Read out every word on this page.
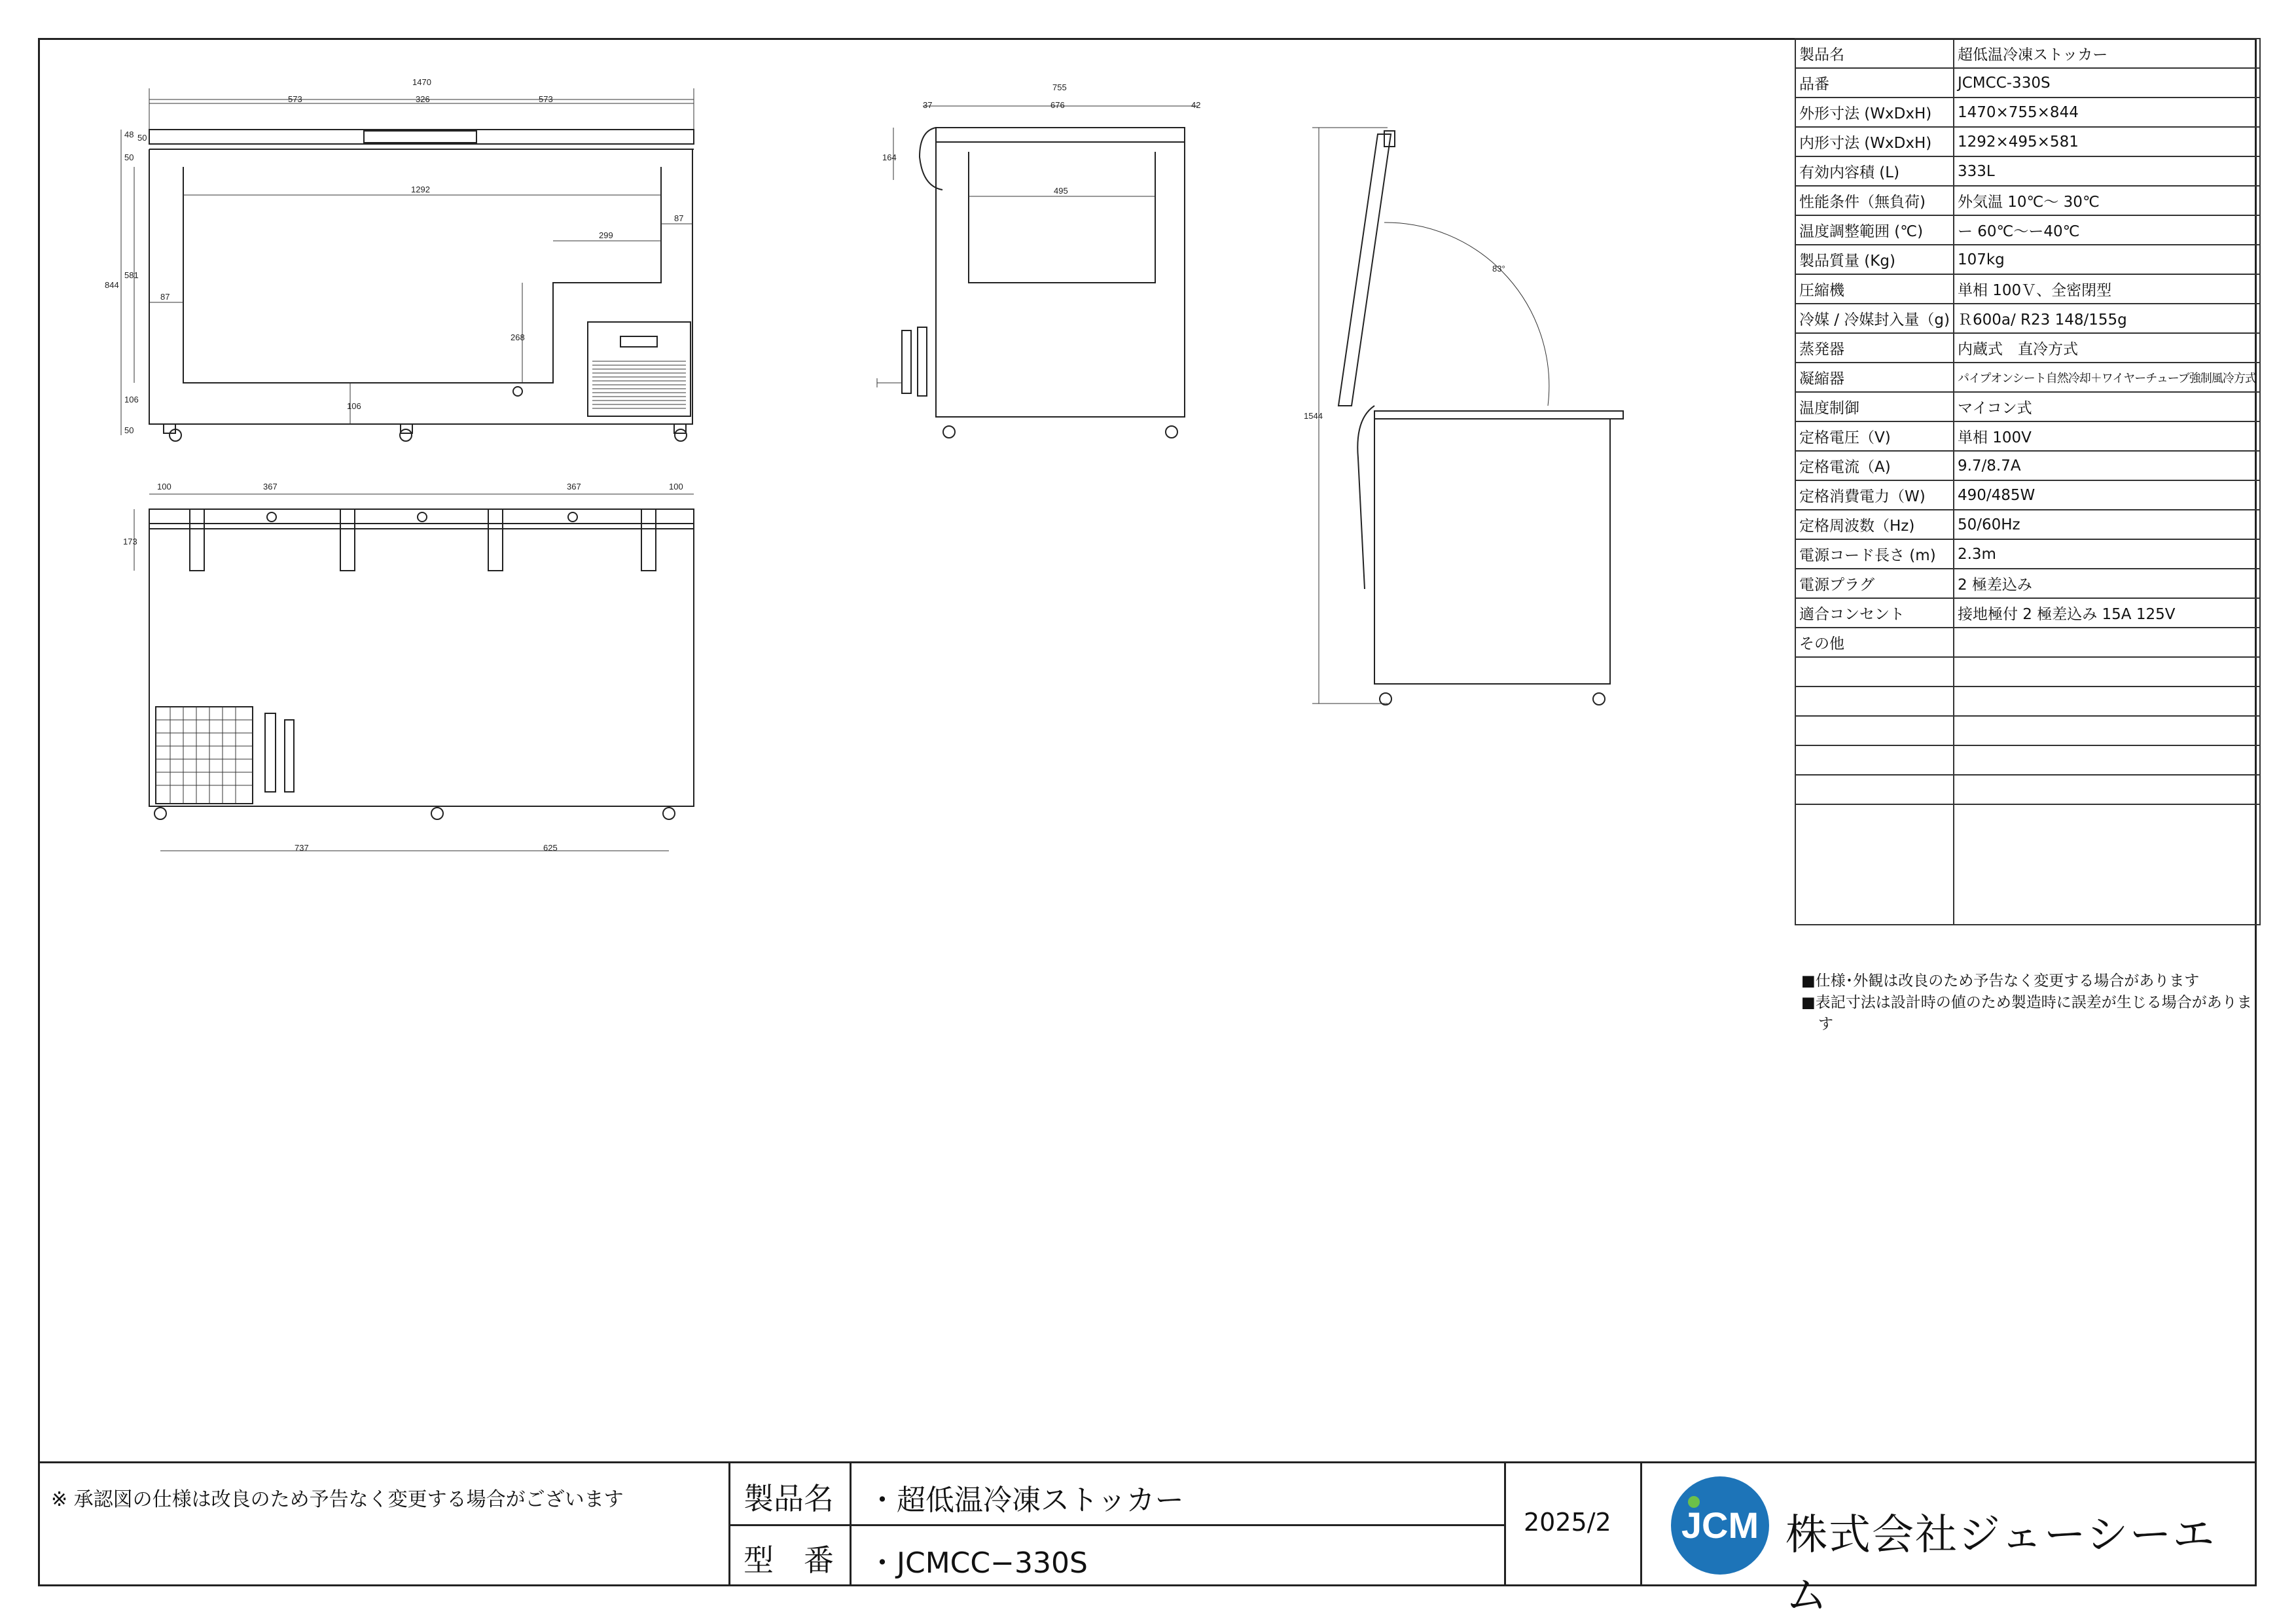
1470
573	326	573
1292
299
87
87
268
106
844
581
48
50
50
106
50
100	367	367	100
173
737	625
755
37	676	42
495
164
1544
83°
製品名	超低温冷凍ストッカー
品番	JCMCC-330S
外形寸法 (WxDxH)	1470×755×844
内形寸法 (WxDxH)	1292×495×581
有効内容積 (L)	333L
性能条件（無負荷)	外気温 10℃～ 30℃
温度調整範囲 (℃)	ー 60℃～ー40℃
製品質量 (Kg)	107kg
圧縮機	単相 100Ｖ、全密閉型
冷媒 / 冷媒封入量（g)	Ｒ600a/ R23 148/155g
蒸発器	内蔵式　直冷方式
凝縮器	パイプオンシート自然冷却＋ワイヤーチューブ強制風冷方式
温度制御	マイコン式
定格電圧（V)	単相 100V
定格電流（A)	9.7/8.7A
定格消費電力（W)	490/485W
定格周波数（Hz)	50/60Hz
電源コード長さ (m)	2.3m
電源プラグ	2 極差込み
適合コンセント	接地極付 2 極差込み 15A 125V
その他	

■仕様･外観は改良のため予告なく変更する場合があります
■表記寸法は設計時の値のため製造時に誤差が生じる場合があります
※ 承認図の仕様は改良のため予告なく変更する場合がございます	製品名 ・超低温冷凍ストッカー
型　番 ・JCMCC−330S
2025/2 JCM 株式会社ジェーシーエム
